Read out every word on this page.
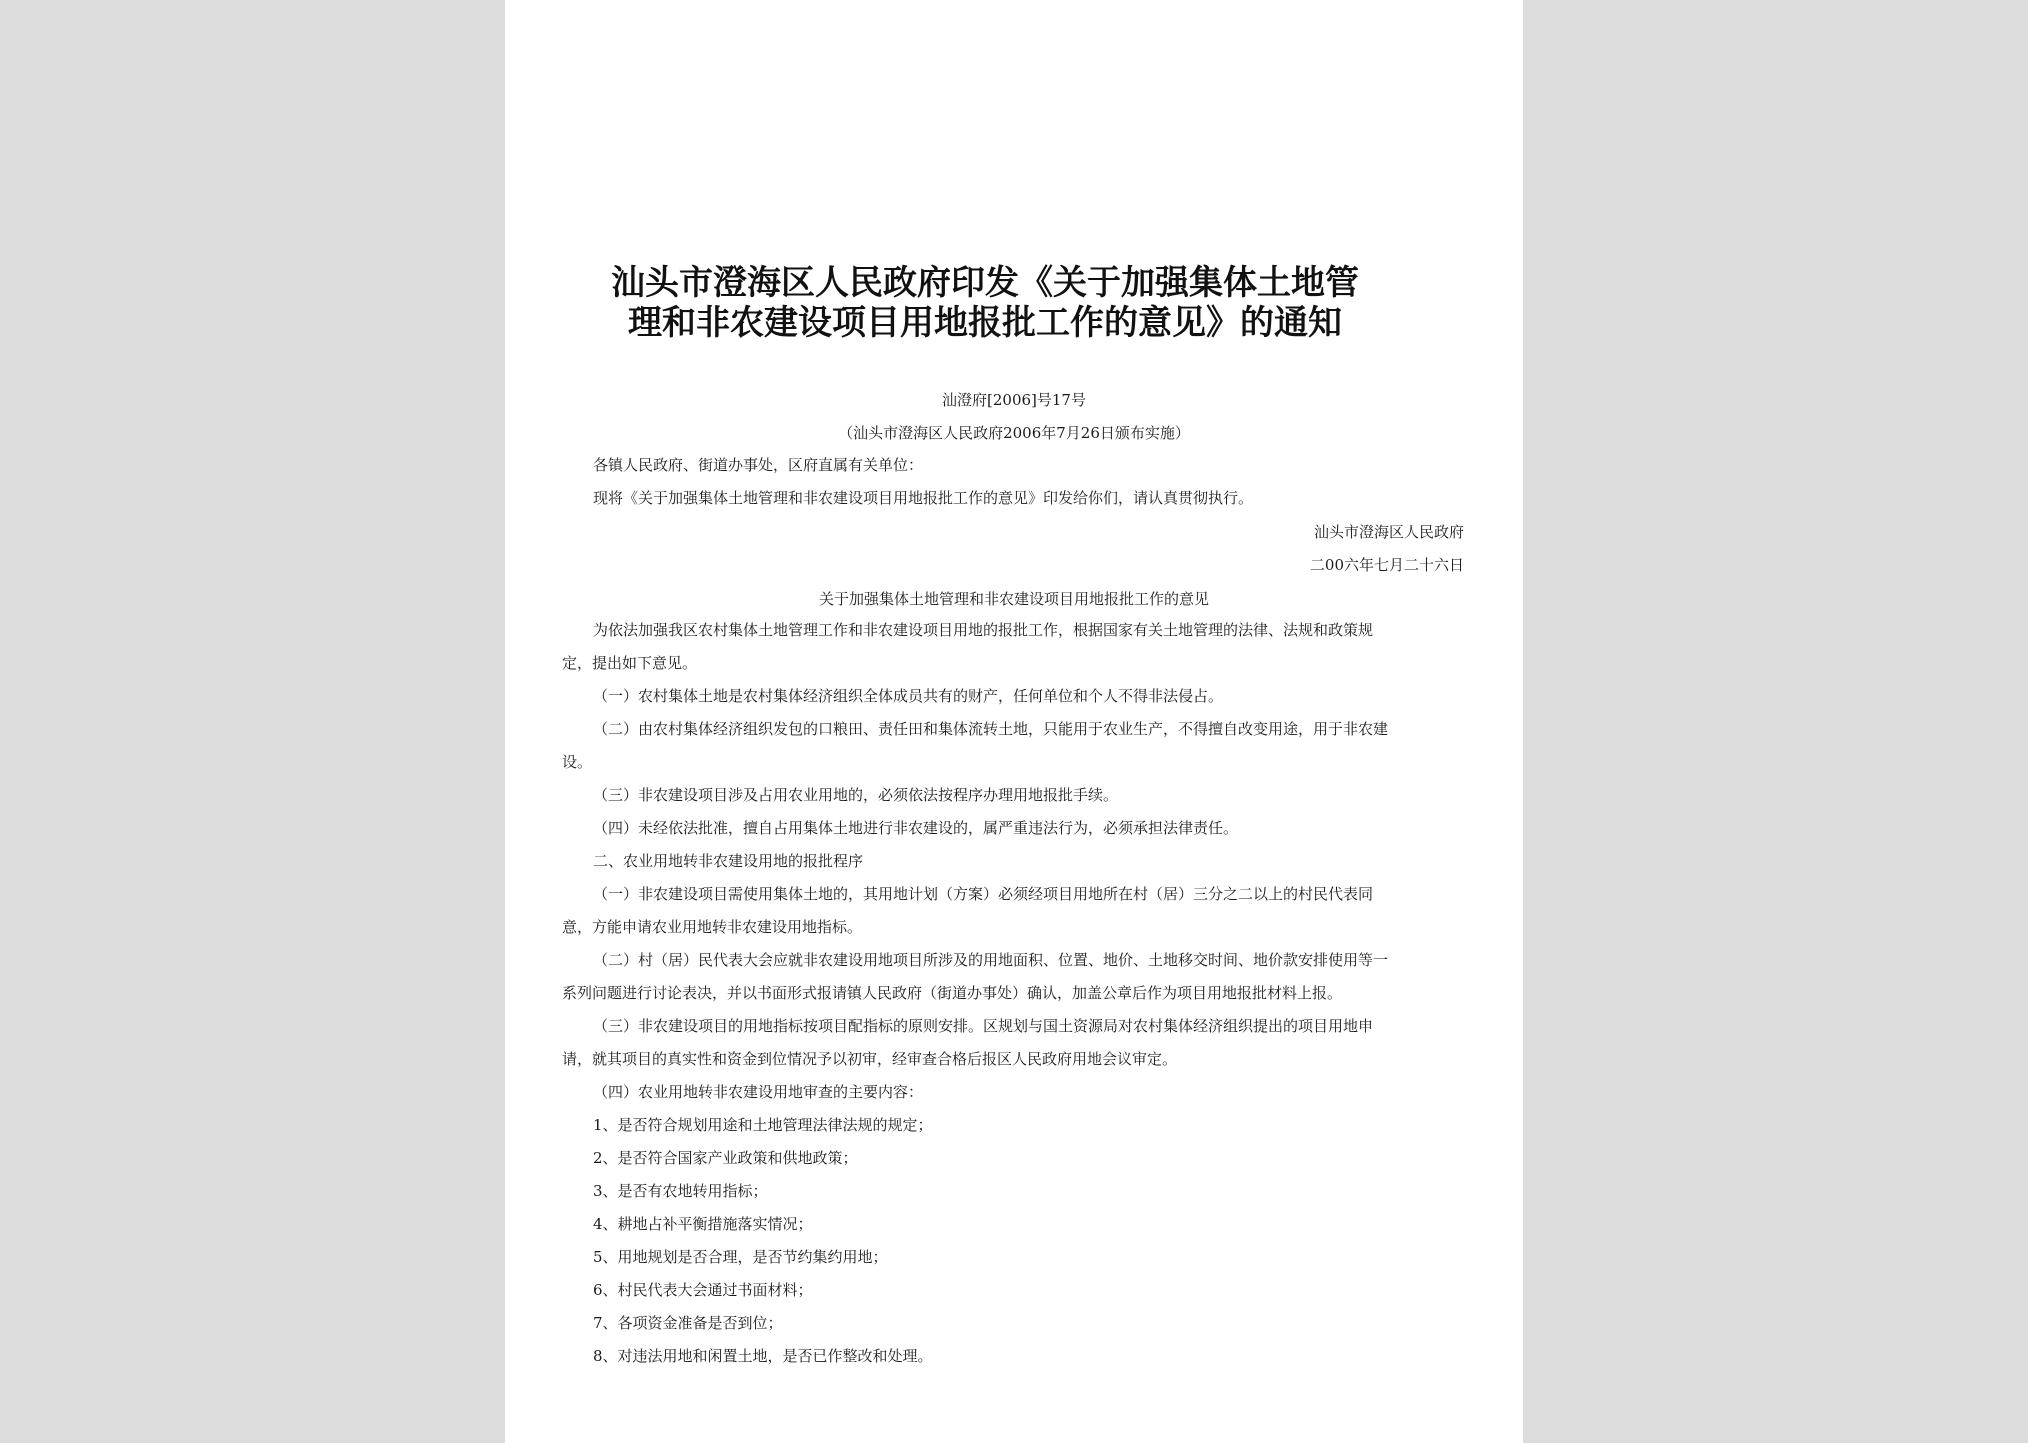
汕头市澄海区人民政府印发《关于加强集体土地管理和非农建设项目用地报批工作的意见》的通知

汕澄府[2006]号17号

（汕头市澄海区人民政府2006年7月26日颁布实施）

各镇人民政府、街道办事处，区府直属有关单位：

现将《关于加强集体土地管理和非农建设项目用地报批工作的意见》印发给你们，请认真贯彻执行。

汕头市澄海区人民政府

二00六年七月二十六日

关于加强集体土地管理和非农建设项目用地报批工作的意见

为依法加强我区农村集体土地管理工作和非农建设项目用地的报批工作，根据国家有关土地管理的法律、法规和政策规

定，提出如下意见。

（一）农村集体土地是农村集体经济组织全体成员共有的财产，任何单位和个人不得非法侵占。

（二）由农村集体经济组织发包的口粮田、责任田和集体流转土地，只能用于农业生产，不得擅自改变用途，用于非农建

设。

（三）非农建设项目涉及占用农业用地的，必须依法按程序办理用地报批手续。

（四）未经依法批准，擅自占用集体土地进行非农建设的，属严重违法行为，必须承担法律责任。

二、农业用地转非农建设用地的报批程序

（一）非农建设项目需使用集体土地的，其用地计划（方案）必须经项目用地所在村（居）三分之二以上的村民代表同

意，方能申请农业用地转非农建设用地指标。

（二）村（居）民代表大会应就非农建设用地项目所涉及的用地面积、位置、地价、土地移交时间、地价款安排使用等一

系列问题进行讨论表决，并以书面形式报请镇人民政府（街道办事处）确认，加盖公章后作为项目用地报批材料上报。

（三）非农建设项目的用地指标按项目配指标的原则安排。区规划与国土资源局对农村集体经济组织提出的项目用地申

请，就其项目的真实性和资金到位情况予以初审，经审查合格后报区人民政府用地会议审定。

（四）农业用地转非农建设用地审查的主要内容：

1、是否符合规划用途和土地管理法律法规的规定；

2、是否符合国家产业政策和供地政策；

3、是否有农地转用指标；

4、耕地占补平衡措施落实情况；

5、用地规划是否合理，是否节约集约用地；

6、村民代表大会通过书面材料；

7、各项资金准备是否到位；

8、对违法用地和闲置土地，是否已作整改和处理。
